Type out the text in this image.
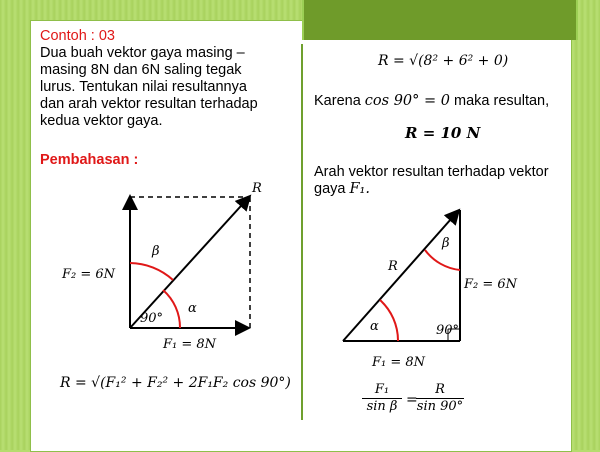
Contoh : 03
Dua buah vektor gaya masing –
masing 8N dan 6N saling tegak
lurus. Tentukan nilai resultannya
dan arah vektor resultan terhadap
kedua vektor gaya.
Pembahasan :
R
β
F₂ = 6N
α
90°
F₁ = 8N
β
R
F₂ = 6N
α	90°
F₁ = 8N
R = √(F₁² + F₂² + 2F₁F₂ cos 90°)
R = √(8² + 6² + 0)
Karena cos 90° = 0 maka resultan,
R = 10 N
Arah vektor resultan terhadap vektor
gaya F₁.
$\frac{\text{F₁}}{\text{sin β}}$ =
$\frac{R}{\sin 90^\circ}$
